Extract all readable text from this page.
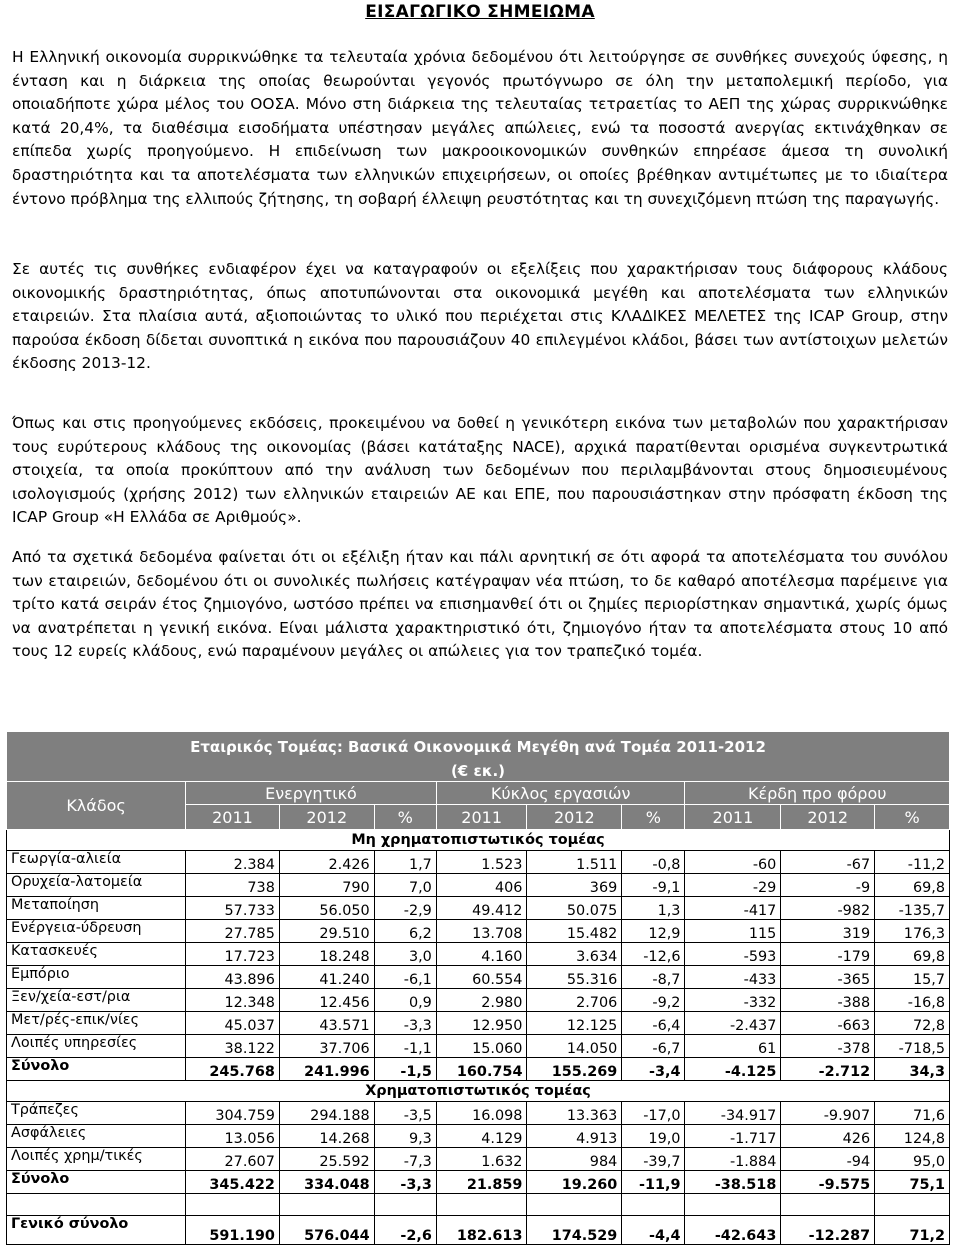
ΕΙΣΑΓΩΓΙΚΟ ΣΗΜΕΙΩΜΑ

Η Ελληνική οικονομία συρρικνώθηκε τα τελευταία χρόνια δεδομένου ότι λειτούργησε σε συνθήκες συνεχούς ύφεσης, η ένταση και η διάρκεια της οποίας θεωρούνται γεγονός πρωτόγνωρο σε όλη την μεταπολεμική περίοδο, για οποιαδήποτε χώρα μέλος του ΟΟΣΑ. Μόνο στη διάρκεια της τελευταίας τετραετίας το ΑΕΠ της χώρας συρρικνώθηκε κατά 20,4%, τα διαθέσιμα εισοδήματα υπέστησαν μεγάλες απώλειες, ενώ τα ποσοστά ανεργίας εκτινάχθηκαν σε επίπεδα χωρίς προηγούμενο. Η επιδείνωση των μακροοικονομικών συνθηκών επηρέασε άμεσα τη συνολική δραστηριότητα και τα αποτελέσματα των ελληνικών επιχειρήσεων, οι οποίες βρέθηκαν αντιμέτωπες με το ιδιαίτερα έντονο πρόβλημα της ελλιπούς ζήτησης, τη σοβαρή έλλειψη ρευστότητας και τη συνεχιζόμενη πτώση της παραγωγής.

Σε αυτές τις συνθήκες ενδιαφέρον έχει να καταγραφούν οι εξελίξεις που χαρακτήρισαν τους διάφορους κλάδους οικονομικής δραστηριότητας, όπως αποτυπώνονται στα οικονομικά μεγέθη και αποτελέσματα των ελληνικών εταιρειών. Στα πλαίσια αυτά, αξιοποιώντας το υλικό που περιέχεται στις ΚΛΑΔΙΚΕΣ ΜΕΛΕΤΕΣ της ICAP Group, στην παρούσα έκδοση δίδεται συνοπτικά η εικόνα που παρουσιάζουν 40 επιλεγμένοι κλάδοι, βάσει των αντίστοιχων μελετών έκδοσης 2013-12.

Όπως και στις προηγούμενες εκδόσεις, προκειμένου να δοθεί η γενικότερη εικόνα των μεταβολών που χαρακτήρισαν τους ευρύτερους κλάδους της οικονομίας (βάσει κατάταξης NACE), αρχικά παρατίθενται ορισμένα συγκεντρωτικά στοιχεία, τα οποία προκύπτουν από την ανάλυση των δεδομένων που περιλαμβάνονται στους δημοσιευμένους ισολογισμούς (χρήσης 2012) των ελληνικών εταιρειών ΑΕ και ΕΠΕ, που παρουσιάστηκαν στην πρόσφατη έκδοση της ICAP Group «Η Ελλάδα σε Αριθμούς».

Από τα σχετικά δεδομένα φαίνεται ότι οι εξέλιξη ήταν και πάλι αρνητική σε ότι αφορά τα αποτελέσματα του συνόλου των εταιρειών, δεδομένου ότι οι συνολικές πωλήσεις κατέγραψαν νέα πτώση, το δε καθαρό αποτέλεσμα παρέμεινε για τρίτο κατά σειράν έτος ζημιογόνο, ωστόσο πρέπει να επισημανθεί ότι οι ζημίες περιορίστηκαν σημαντικά, χωρίς όμως να ανατρέπεται η γενική εικόνα. Είναι μάλιστα χαρακτηριστικό ότι, ζημιογόνο ήταν τα αποτελέσματα στους 10 από τους 12 ευρείς κλάδους, ενώ παραμένουν μεγάλες οι απώλειες για τον τραπεζικό τομέα.

Εταιρικός Τομέας: Βασικά Οικονομικά Μεγέθη ανά Τομέα 2011-2012									
(€ εκ.)									
Κλάδος	Ενεργητικό			Κύκλος εργασιών			Κέρδη προ φόρου		
	2011	2012	%	2011	2012	%	2011	2012	%
Μη χρηματοπιστωτικός τομέας									
Γεωργία-αλιεία	2.384	2.426	1,7	1.523	1.511	-0,8	-60	-67	-11,2
Ορυχεία-λατομεία	738	790	7,0	406	369	-9,1	-29	-9	69,8
Μεταποίηση	57.733	56.050	-2,9	49.412	50.075	1,3	-417	-982	-135,7
Ενέργεια-ύδρευση	27.785	29.510	6,2	13.708	15.482	12,9	115	319	176,3
Κατασκευές	17.723	18.248	3,0	4.160	3.634	-12,6	-593	-179	69,8
Εμπόριο	43.896	41.240	-6,1	60.554	55.316	-8,7	-433	-365	15,7
Ξεν/χεία-εστ/ρια	12.348	12.456	0,9	2.980	2.706	-9,2	-332	-388	-16,8
Μετ/ρές-επικ/νίες	45.037	43.571	-3,3	12.950	12.125	-6,4	-2.437	-663	72,8
Λοιπές υπηρεσίες	38.122	37.706	-1,1	15.060	14.050	-6,7	61	-378	-718,5
Σύνολο	245.768	241.996	-1,5	160.754	155.269	-3,4	-4.125	-2.712	34,3
Χρηματοπιστωτικός τομέας									
Τράπεζες	304.759	294.188	-3,5	16.098	13.363	-17,0	-34.917	-9.907	71,6
Ασφάλειες	13.056	14.268	9,3	4.129	4.913	19,0	-1.717	426	124,8
Λοιπές χρημ/τικές	27.607	25.592	-7,3	1.632	984	-39,7	-1.884	-94	95,0
Σύνολο	345.422	334.048	-3,3	21.859	19.260	-11,9	-38.518	-9.575	75,1

Γενικό σύνολο	591.190	576.044	-2,6	182.613	174.529	-4,4	-42.643	-12.287	71,2
